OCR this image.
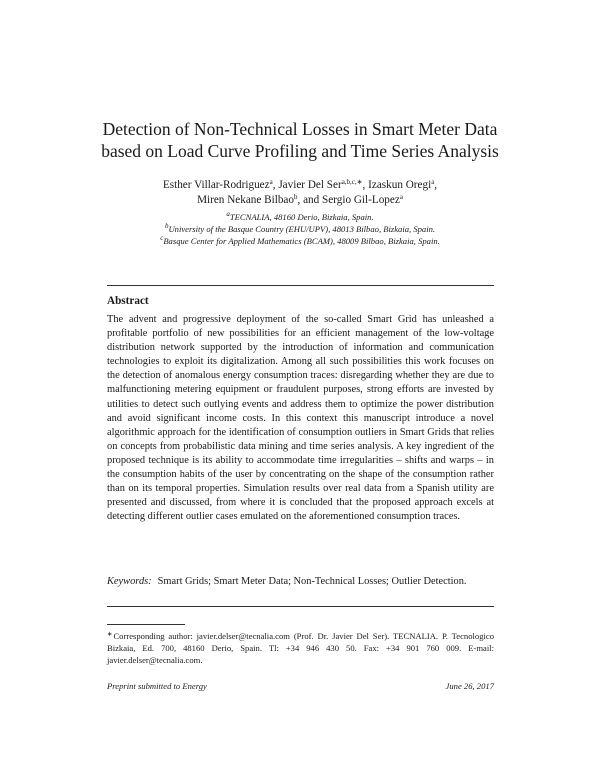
Detection of Non-Technical Losses in Smart Meter Data
based on Load Curve Profiling and Time Series Analysis
Esther Villar-Rodriguez$^a$, Javier Del Ser$^{a,b,c,∗}$, Izaskun Oregi$^a$,
Miren Nekane Bilbao$^b$, and Sergio Gil-Lopez$^a$
$^a$TECNALIA, 48160 Derio, Bizkaia, Spain.
$^b$University of the Basque Country (EHU/UPV), 48013 Bilbao, Bizkaia, Spain.
$^c$Basque Center for Applied Mathematics (BCAM), 48009 Bilbao, Bizkaia, Spain.
Abstract

The advent and progressive deployment of the so-called Smart Grid has unleashed a profitable portfolio of new possibilities for an efficient management of the low-voltage distribution network supported by the introduction of information and communication technologies to exploit its digitalization. Among all such possibilities this work focuses on the detection of anomalous energy consumption traces: disregarding whether they are due to malfunctioning metering equipment or fraudulent purposes, strong efforts are invested by utilities to detect such outlying events and address them to optimize the power distribution and avoid significant income costs. In this context this manuscript introduce a novel algorithmic approach for the identification of consumption outliers in Smart Grids that relies on concepts from probabilistic data mining and time series analysis. A key ingredient of the proposed technique is its ability to accommodate time irregularities – shifts and warps – in the consumption habits of the user by concentrating on the shape of the consumption rather than on its temporal properties. Simulation results over real data from a Spanish utility are presented and discussed, from where it is concluded that the proposed approach excels at detecting different outlier cases emulated on the aforementioned consumption traces.

Keywords: Smart Grids; Smart Meter Data; Non-Technical Losses; Outlier Detection.
∗Corresponding author: javier.delser@tecnalia.com (Prof. Dr. Javier Del Ser). TECNALIA. P. Tecnologico Bizkaia, Ed. 700, 48160 Derio, Spain. Tl: +34 946 430 50. Fax: +34 901 760 009. E-mail: javier.delser@tecnalia.com.
Preprint submitted to Energy	June 26, 2017
